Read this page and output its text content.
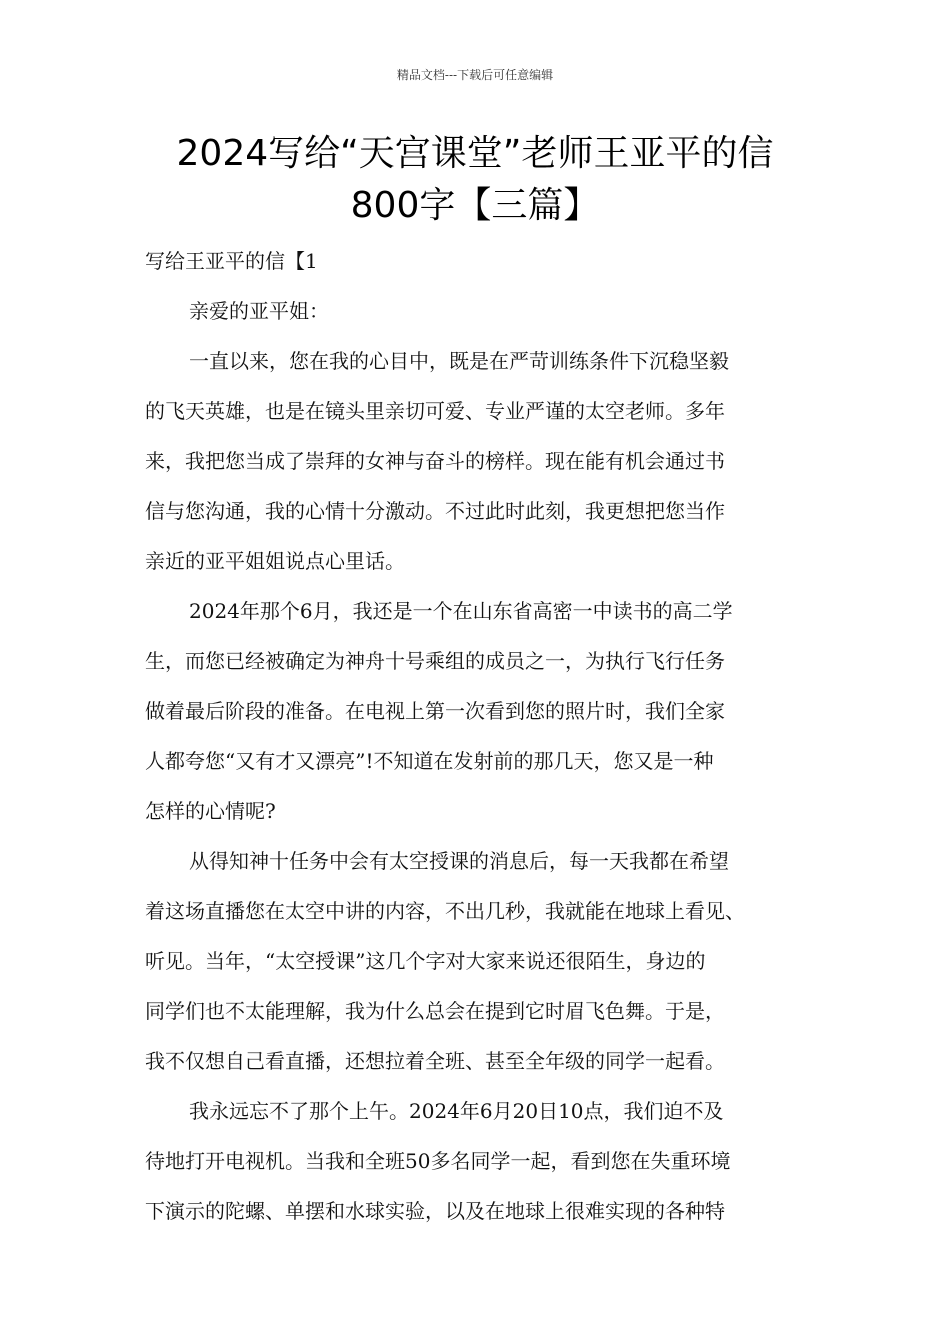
精品文档---下载后可任意编辑
2024写给“天宫课堂”老师王亚平的信
800字【三篇】
写给王亚平的信【1
亲爱的亚平姐：
一直以来，您在我的心目中，既是在严苛训练条件下沉稳坚毅
的飞天英雄，也是在镜头里亲切可爱、专业严谨的太空老师。多年
来，我把您当成了崇拜的女神与奋斗的榜样。现在能有机会通过书
信与您沟通，我的心情十分激动。不过此时此刻，我更想把您当作
亲近的亚平姐姐说点心里话。
2024年那个6月，我还是一个在山东省高密一中读书的高二学
生，而您已经被确定为神舟十号乘组的成员之一，为执行飞行任务
做着最后阶段的准备。在电视上第一次看到您的照片时，我们全家
人都夸您“又有才又漂亮”!不知道在发射前的那几天，您又是一种
怎样的心情呢?
从得知神十任务中会有太空授课的消息后，每一天我都在希望
着这场直播您在太空中讲的内容，不出几秒，我就能在地球上看见、
听见。当年，“太空授课”这几个字对大家来说还很陌生，身边的
同学们也不太能理解，我为什么总会在提到它时眉飞色舞。于是，
我不仅想自己看直播，还想拉着全班、甚至全年级的同学一起看。
我永远忘不了那个上午。2024年6月20日10点，我们迫不及
待地打开电视机。当我和全班50多名同学一起，看到您在失重环境
下演示的陀螺、单摆和水球实验，以及在地球上很难实现的各种特
